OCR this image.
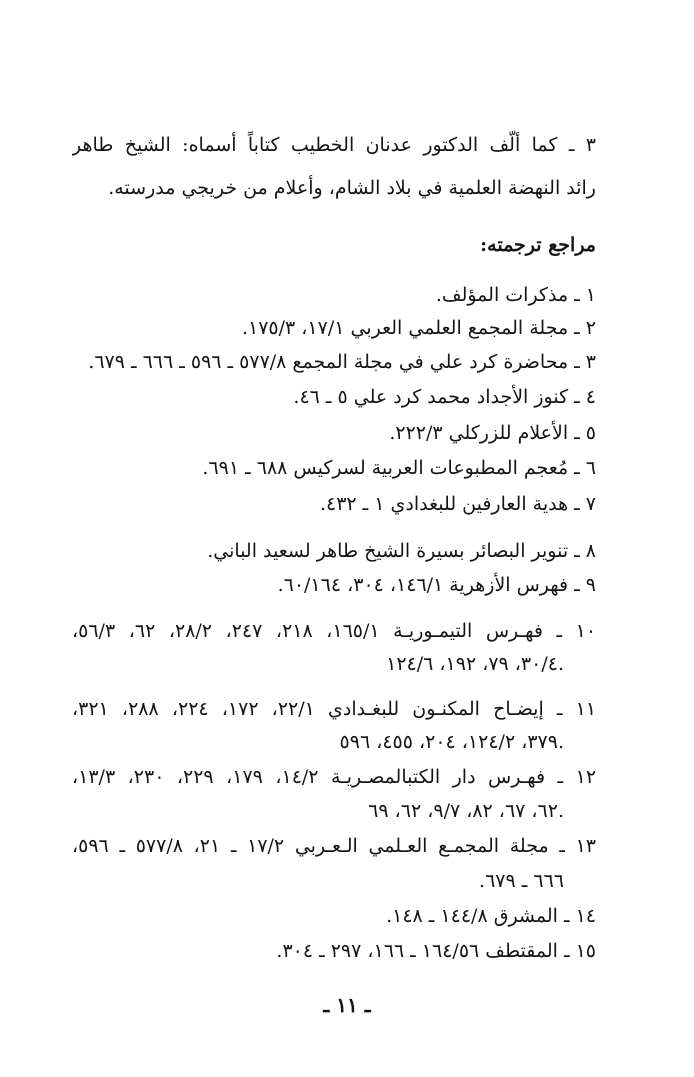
٣ ـ كما ألَّف الدكتور عدنان الخطيب كتاباً أسماه: الشيخ طاهر
رائد النهضة العلمية في بلاد الشام، وأعلام من خريجي مدرسته.
مراجع ترجمته:
١ ـ مذكرات المؤلف.
٢ ـ مجلة المجمع العلمي العربي ١٧/١، ١٧٥/٣.
٣ ـ محاضرة كرد علي في مجلة المجمع ٥٧٧/٨ ـ ٥٩٦ ـ ٦٦٦ ـ ٦٧٩.
٤ ـ كنوز الأجداد محمد كرد علي ٥ ـ ٤٦.
٥ ـ الأعلام للزركلي ٢٢٢/٣.
٦ ـ مُعجم المطبوعات العربية لسركيس ٦٨٨ ـ ٦٩١.
٧ ـ هدية العارفين للبغدادي ١ ـ ٤٣٢.
٨ ـ تنوير البصائر بسيرة الشيخ طاهر لسعيد الباني.
٩ ـ فهرس الأزهرية ١٤٦/١، ٣٠٤، ٦٠/١٦٤.
١٠ ـ فهـرس التيمـوريـة ١٦٥/١، ٢١٨، ٢٤٧، ٢٨/٢، ٦٢، ٥٦/٣،
٣٠/٤، ٧٩، ١٩٢، ١٢٤/٦.
١١ ـ إيضـاح المكنـون للبغـدادي ٢٢/١، ١٧٢، ٢٢٤، ٢٨٨، ٣٢١،
٣٧٩، ١٢٤/٢، ٢٠٤، ٤٥٥، ٥٩٦.
١٢ ـ فهـرس دار الكتبالمصـريـة ١٤/٢، ١٧٩، ٢٢٩، ٢٣٠، ١٣/٣،
٦٢، ٦٧، ٨٢، ٩/٧، ٦٢، ٦٩.
١٣ ـ مجلة المجمـع العـلمي الـعـربي ١٧/٢ ـ ٢١، ٥٧٧/٨ ـ ٥٩٦،
٦٦٦ ـ ٦٧٩.
١٤ ـ المشرق ١٤٤/٨ ـ ١٤٨.
١٥ ـ المقتطف ١٦٤/٥٦ ـ ١٦٦، ٢٩٧ ـ ٣٠٤.
ـ ١١ ـ
